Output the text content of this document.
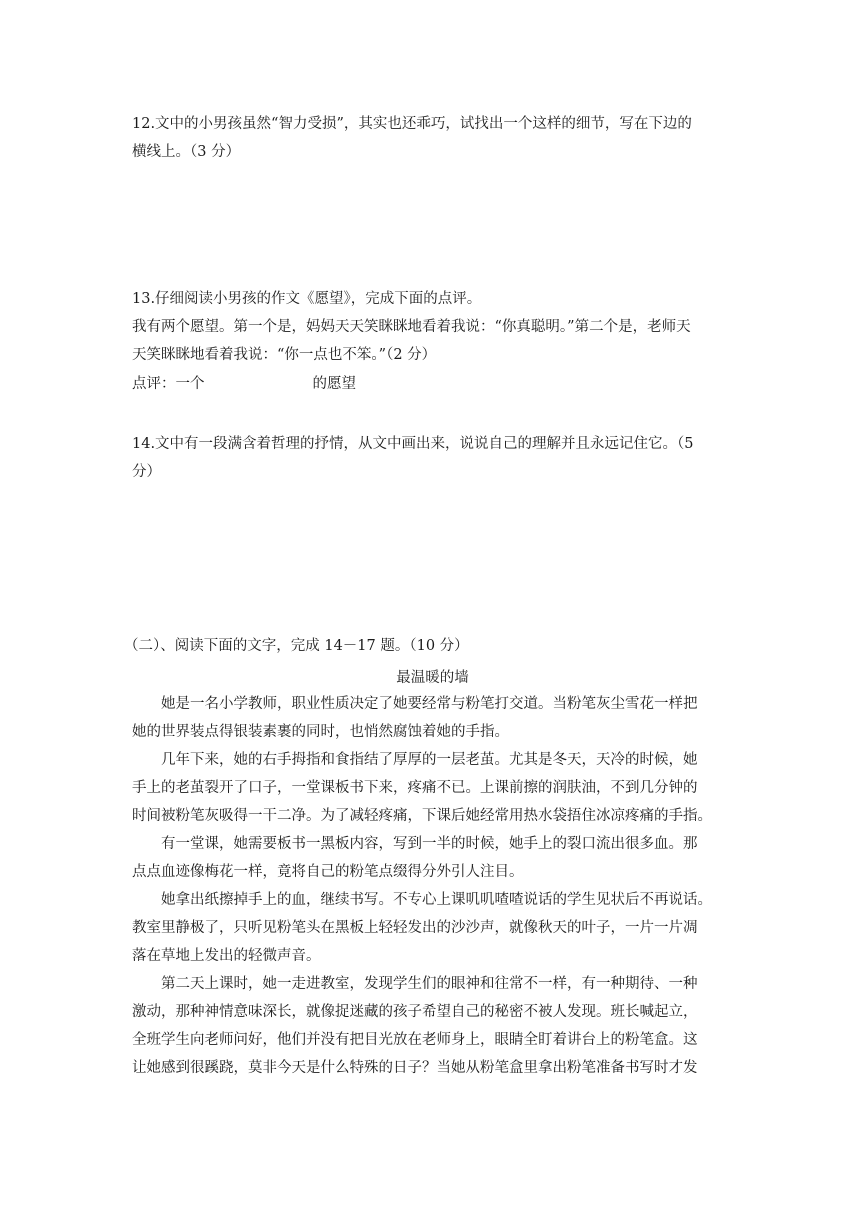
12.文中的小男孩虽然“智力受损”，其实也还乖巧，试找出一个这样的细节，写在下边的
横线上。（3 分）
13.仔细阅读小男孩的作文《愿望》，完成下面的点评。
我有两个愿望。第一个是，妈妈天天笑眯眯地看着我说：“你真聪明。”第二个是，老师天
天笑眯眯地看着我说：“你一点也不笨。”（2 分）
点评：一个	的愿望
14.文中有一段满含着哲理的抒情，从文中画出来，说说自己的理解并且永远记住它。（5
分）
（二）、阅读下面的文字，完成 14－17 题。（10 分）
最温暖的墙
她是一名小学教师，职业性质决定了她要经常与粉笔打交道。当粉笔灰尘雪花一样把
她的世界装点得银装素裹的同时，也悄然腐蚀着她的手指。
几年下来，她的右手拇指和食指结了厚厚的一层老茧。尤其是冬天，天冷的时候，她
手上的老茧裂开了口子，一堂课板书下来，疼痛不已。上课前擦的润肤油，不到几分钟的
时间被粉笔灰吸得一干二净。为了减轻疼痛，下课后她经常用热水袋捂住冰凉疼痛的手指。
有一堂课，她需要板书一黑板内容，写到一半的时候，她手上的裂口流出很多血。那
点点血迹像梅花一样，竟将自己的粉笔点缀得分外引人注目。
她拿出纸擦掉手上的血，继续书写。不专心上课叽叽喳喳说话的学生见状后不再说话。
教室里静极了，只听见粉笔头在黑板上轻轻发出的沙沙声，就像秋天的叶子，一片一片凋
落在草地上发出的轻微声音。
第二天上课时，她一走进教室，发现学生们的眼神和往常不一样，有一种期待、一种
激动，那种神情意味深长，就像捉迷藏的孩子希望自己的秘密不被人发现。班长喊起立，
全班学生向老师问好，他们并没有把目光放在老师身上，眼睛全盯着讲台上的粉笔盒。这
让她感到很蹊跷，莫非今天是什么特殊的日子？当她从粉笔盒里拿出粉笔准备书写时才发
